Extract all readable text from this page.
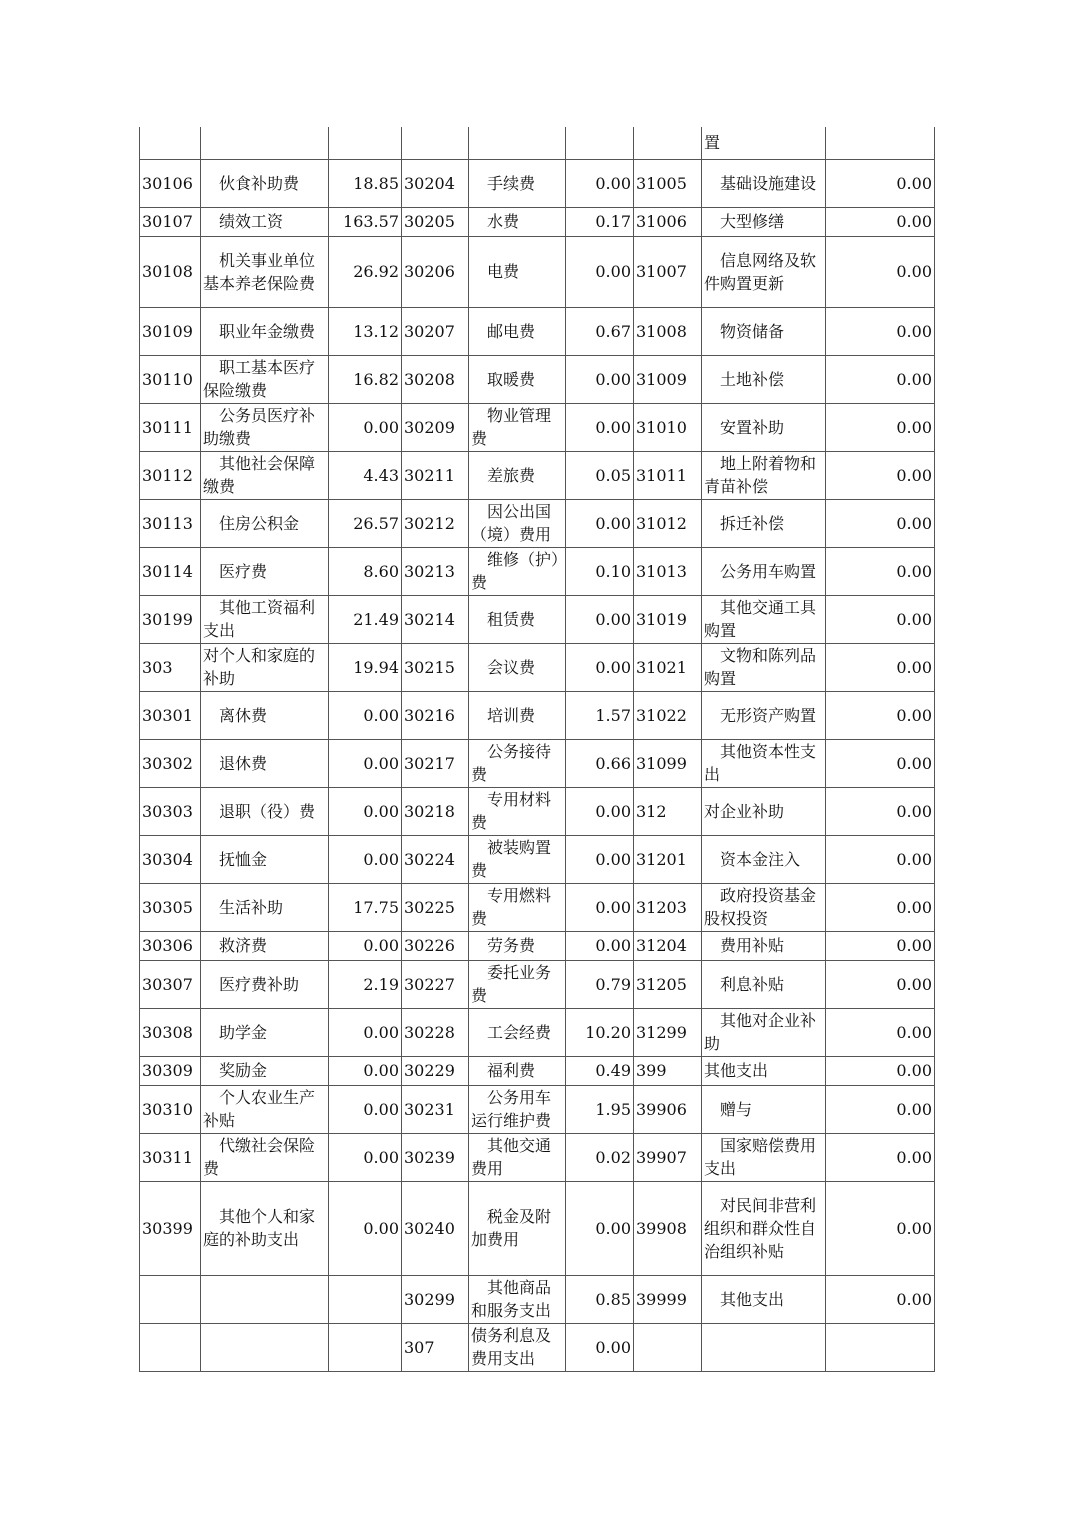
							置	
30106	伙食补助费	18.85	30204	手续费	0.00	31005	基础设施建设	0.00
30107	绩效工资	163.57	30205	水费	0.17	31006	大型修缮	0.00
30108	机关事业单位基本养老保险费	26.92	30206	电费	0.00	31007	信息网络及软件购置更新	0.00
30109	职业年金缴费	13.12	30207	邮电费	0.67	31008	物资储备	0.00
30110	职工基本医疗保险缴费	16.82	30208	取暖费	0.00	31009	土地补偿	0.00
30111	公务员医疗补助缴费	0.00	30209	物业管理费	0.00	31010	安置补助	0.00
30112	其他社会保障缴费	4.43	30211	差旅费	0.05	31011	地上附着物和青苗补偿	0.00
30113	住房公积金	26.57	30212	因公出国（境）费用	0.00	31012	拆迁补偿	0.00
30114	医疗费	8.60	30213	维修（护）费	0.10	31013	公务用车购置	0.00
30199	其他工资福利支出	21.49	30214	租赁费	0.00	31019	其他交通工具购置	0.00
303	对个人和家庭的补助	19.94	30215	会议费	0.00	31021	文物和陈列品购置	0.00
30301	离休费	0.00	30216	培训费	1.57	31022	无形资产购置	0.00
30302	退休费	0.00	30217	公务接待费	0.66	31099	其他资本性支出	0.00
30303	退职（役）费	0.00	30218	专用材料费	0.00	312	对企业补助	0.00
30304	抚恤金	0.00	30224	被装购置费	0.00	31201	资本金注入	0.00
30305	生活补助	17.75	30225	专用燃料费	0.00	31203	政府投资基金股权投资	0.00
30306	救济费	0.00	30226	劳务费	0.00	31204	费用补贴	0.00
30307	医疗费补助	2.19	30227	委托业务费	0.79	31205	利息补贴	0.00
30308	助学金	0.00	30228	工会经费	10.20	31299	其他对企业补助	0.00
30309	奖励金	0.00	30229	福利费	0.49	399	其他支出	0.00
30310	个人农业生产补贴	0.00	30231	公务用车运行维护费	1.95	39906	赠与	0.00
30311	代缴社会保险费	0.00	30239	其他交通费用	0.02	39907	国家赔偿费用支出	0.00
30399	其他个人和家庭的补助支出	0.00	30240	税金及附加费用	0.00	39908	对民间非营利组织和群众性自治组织补贴	0.00
			30299	其他商品和服务支出	0.85	39999	其他支出	0.00
			307	债务利息及费用支出	0.00			
